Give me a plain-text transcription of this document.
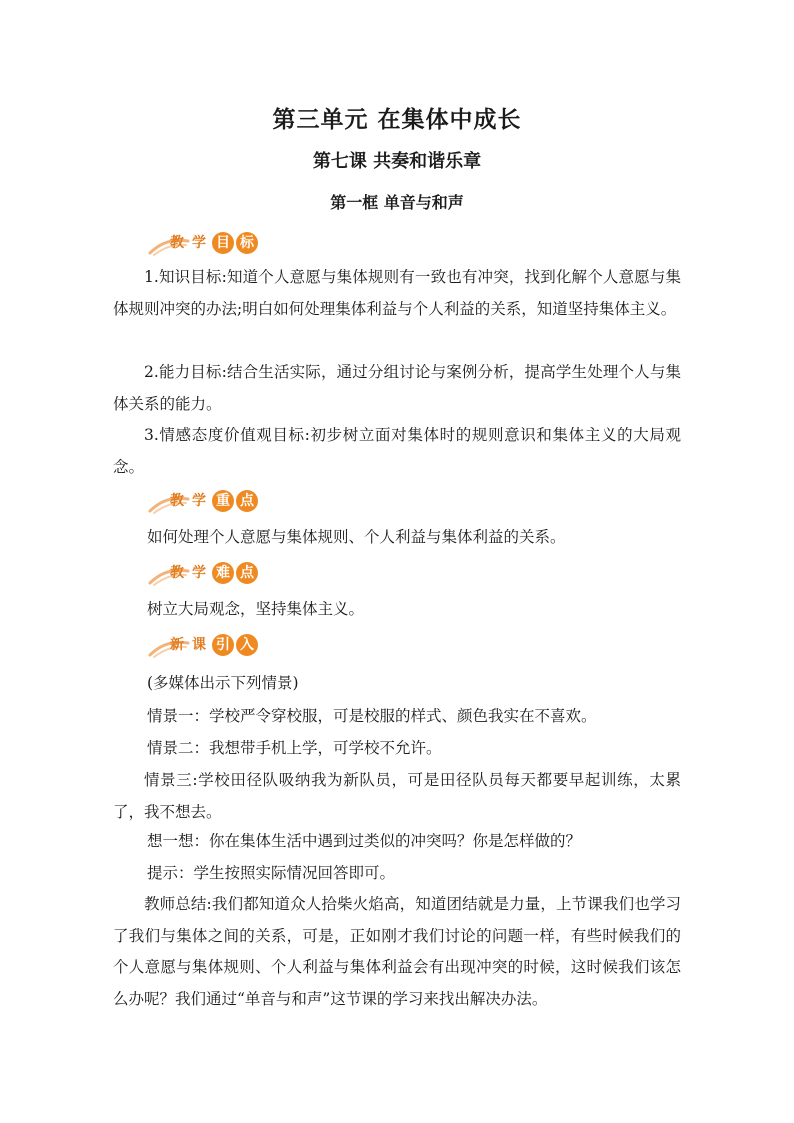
第三单元 在集体中成长
第七课 共奏和谐乐章
第一框 单音与和声
教 学 目 标
1.知识目标:知道个人意愿与集体规则有一致也有冲突，找到化解个人意愿与集体规则冲突的办法;明白如何处理集体利益与个人利益的关系，知道坚持集体主义。
2.能力目标:结合生活实际，通过分组讨论与案例分析，提高学生处理个人与集体关系的能力。
3.情感态度价值观目标:初步树立面对集体时的规则意识和集体主义的大局观念。
教 学 重 点
如何处理个人意愿与集体规则、个人利益与集体利益的关系。
教 学 难 点
树立大局观念，坚持集体主义。
新 课 引 入
(多媒体出示下列情景)
情景一：学校严令穿校服，可是校服的样式、颜色我实在不喜欢。
情景二：我想带手机上学，可学校不允许。
情景三:学校田径队吸纳我为新队员，可是田径队员每天都要早起训练，太累了，我不想去。
想一想：你在集体生活中遇到过类似的冲突吗？你是怎样做的？
提示：学生按照实际情况回答即可。
教师总结:我们都知道众人拾柴火焰高，知道团结就是力量，上节课我们也学习了我们与集体之间的关系，可是，正如刚才我们讨论的问题一样，有些时候我们的个人意愿与集体规则、个人利益与集体利益会有出现冲突的时候，这时候我们该怎么办呢？我们通过“单音与和声”这节课的学习来找出解决办法。
